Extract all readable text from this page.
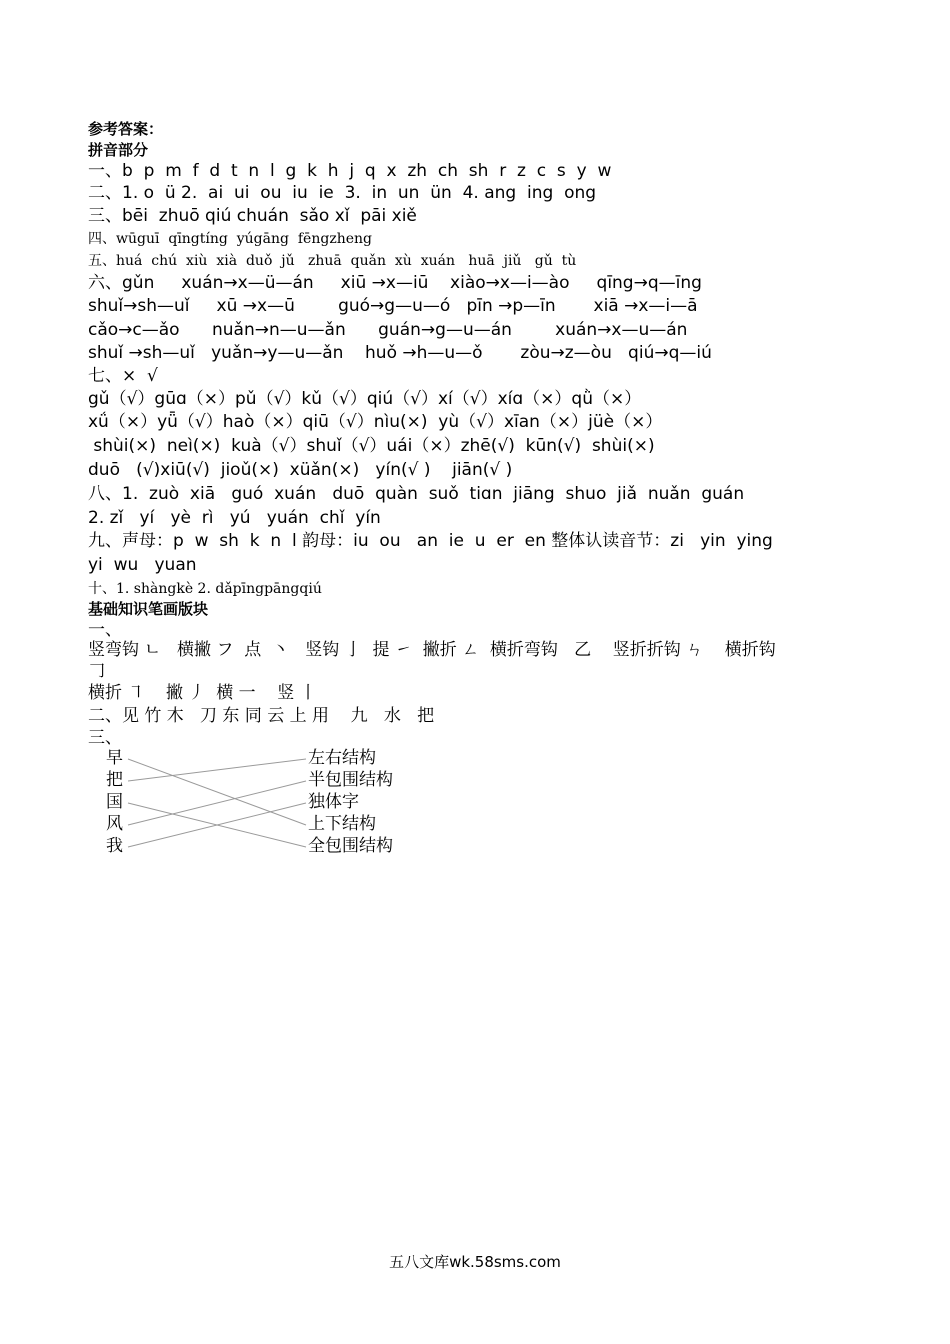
参考答案：
拼音部分
一、b  p  m  f  d  t  n  l  g  k  h  j  q  x  zh  ch  sh  r  z  c  s  y  w
二、1. o  ü 2.  ai  ui  ou  iu  ie  3.  in  un  ün  4. ang  ing  ong
三、bēi  zhuō qiú chuán  sǎo xǐ  pāi xiě
四、wūguī  qīngtíng  yúgāng  fēngzheng
五、huá  chú  xiù  xià  duǒ  jǔ   zhuā  quǎn  xù  xuán   huā  jiǔ   gǔ  tù
六、gǔn     xuán→x—ü—án     xiū →x—iū    xiào→x—i—ào     qīng→q—īng
shuǐ→sh—uǐ     xū →x—ū        guó→g—u—ó   pīn →p—īn       xiā →x—i—ā
cǎo→c—ǎo      nuǎn→n—u—ǎn      guán→g—u—án        xuán→x—u—án
shuǐ →sh—uǐ   yuǎn→y—u—ǎn    huǒ →h—u—ǒ       zòu→z—òu   qiú→q—iú
七、×  √
gǔ（√）gūɑ（×）pǔ（√）kǔ（√）qiú（√）xí（√）xíɑ（×）qǜ（×）
xǘ（×）yǖ（√）haò（×）qiū（√）nìu(×)  yù（√）xīan（×）jüè（×）
shùi(×)  neì(×)  kuà（√）shuǐ（√）uái（×）zhē(√)  kūn(√)  shùi(×)
duō   (√)xiū(√)  jioǔ(×)  xüǎn(×)   yín(√ )    jiān(√ )
八、1.  zuò  xiā   guó  xuán   duō  quàn  suǒ  tiɑn  jiāng  shuo  jiǎ  nuǎn  guán
2. zǐ   yí   yè  rì   yú   yuán  chǐ  yín
九、声母：p  w  sh  k  n  l 韵母：iu  ou   an  ie  u  er  en 整体认读音节：zi   yin  ying
yi  wu   yuan
十、1. shàngkè 2. dǎpīngpāngqiú
基础知识笔画版块
一、
竖弯钩 ㄴ   横撇 フ  点  丶   竖钩 亅  提 ㇀  撇折 ㄥ  横折弯钩   乙    竖折折钩 ㄣ    横折钩
𠃌
横折 ㇕    撇 丿  横 一    竖 丨
二、见 竹 木   刀 东 同 云 上 用    九   水   把
三、
早
把
国
风
我
左右结构
半包围结构
独体字
上下结构
全包围结构
五八文库wk.58sms.com
